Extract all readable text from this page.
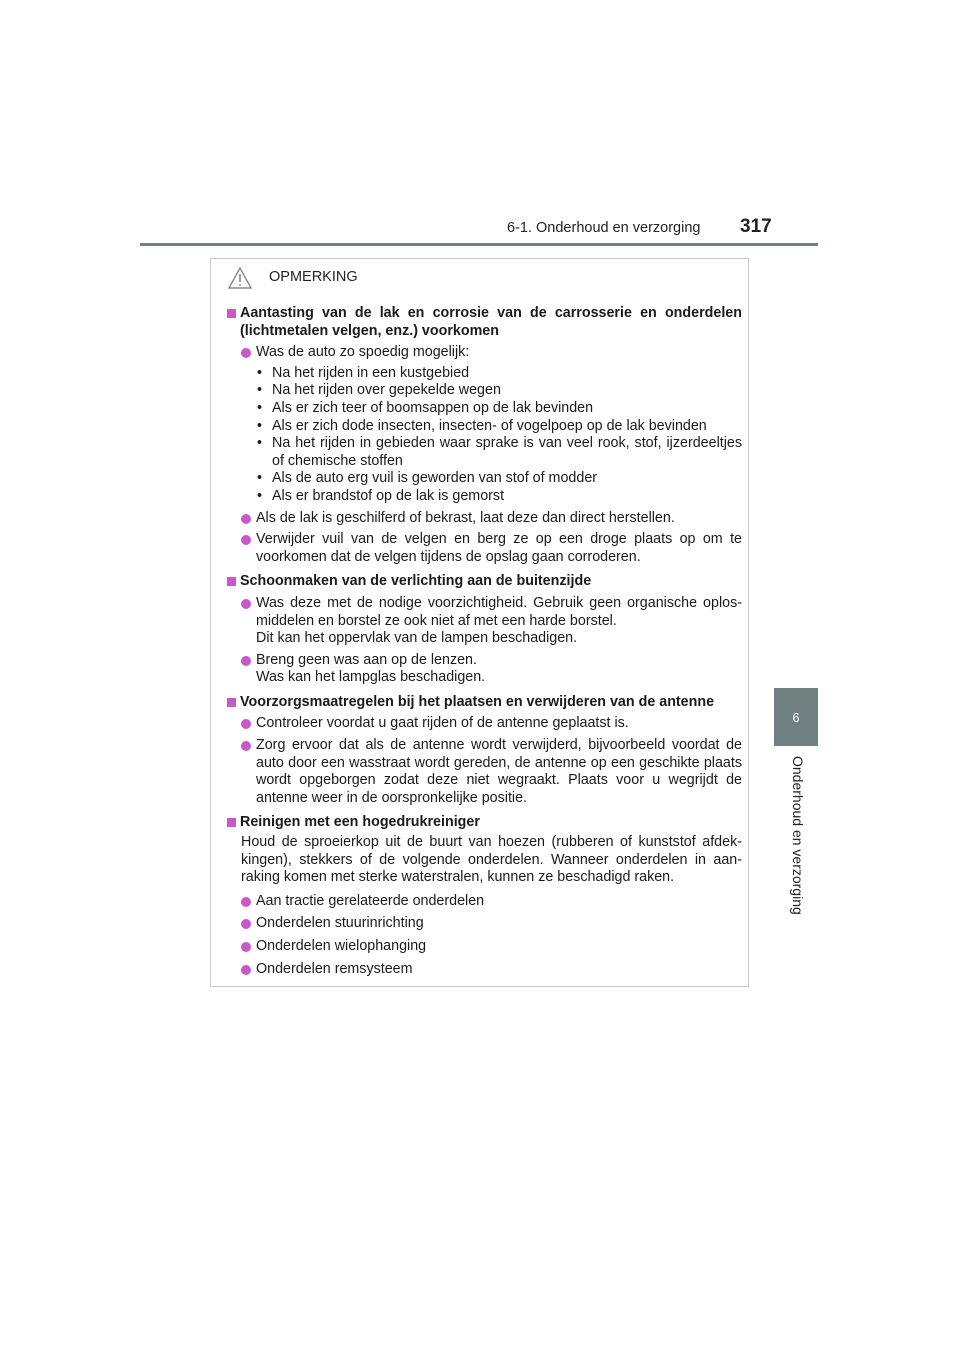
6-1. Onderhoud en verzorging 317
6
Onderhoud en verzorging
OPMERKING
Aantasting van de lak en corrosie van de carrosserie en onderdelen (lichtmetalen velgen, enz.) voorkomen
Was de auto zo spoedig mogelijk:
• Na het rijden in een kustgebied
• Na het rijden over gepekelde wegen
• Als er zich teer of boomsappen op de lak bevinden
• Als er zich dode insecten, insecten- of vogelpoep op de lak bevinden
• Na het rijden in gebieden waar sprake is van veel rook, stof, ijzerdeeltjes of chemische stoffen
• Als de auto erg vuil is geworden van stof of modder
• Als er brandstof op de lak is gemorst
Als de lak is geschilferd of bekrast, laat deze dan direct herstellen.
Verwijder vuil van de velgen en berg ze op een droge plaats op om te voorkomen dat de velgen tijdens de opslag gaan corroderen.
Schoonmaken van de verlichting aan de buitenzijde
Was deze met de nodige voorzichtigheid. Gebruik geen organische oplosmiddelen en borstel ze ook niet af met een harde borstel.
Dit kan het oppervlak van de lampen beschadigen.
Breng geen was aan op de lenzen.
Was kan het lampglas beschadigen.
Voorzorgsmaatregelen bij het plaatsen en verwijderen van de antenne
Controleer voordat u gaat rijden of de antenne geplaatst is.
Zorg ervoor dat als de antenne wordt verwijderd, bijvoorbeeld voordat de auto door een wasstraat wordt gereden, de antenne op een geschikte plaats wordt opgeborgen zodat deze niet wegraakt. Plaats voor u wegrijdt de antenne weer in de oorspronkelijke positie.
Reinigen met een hogedrukreiniger
Houd de sproeierkop uit de buurt van hoezen (rubberen of kunststof afdekkingen), stekkers of de volgende onderdelen. Wanneer onderdelen in aanraking komen met sterke waterstralen, kunnen ze beschadigd raken.
Aan tractie gerelateerde onderdelen
Onderdelen stuurinrichting
Onderdelen wielophanging
Onderdelen remsysteem
